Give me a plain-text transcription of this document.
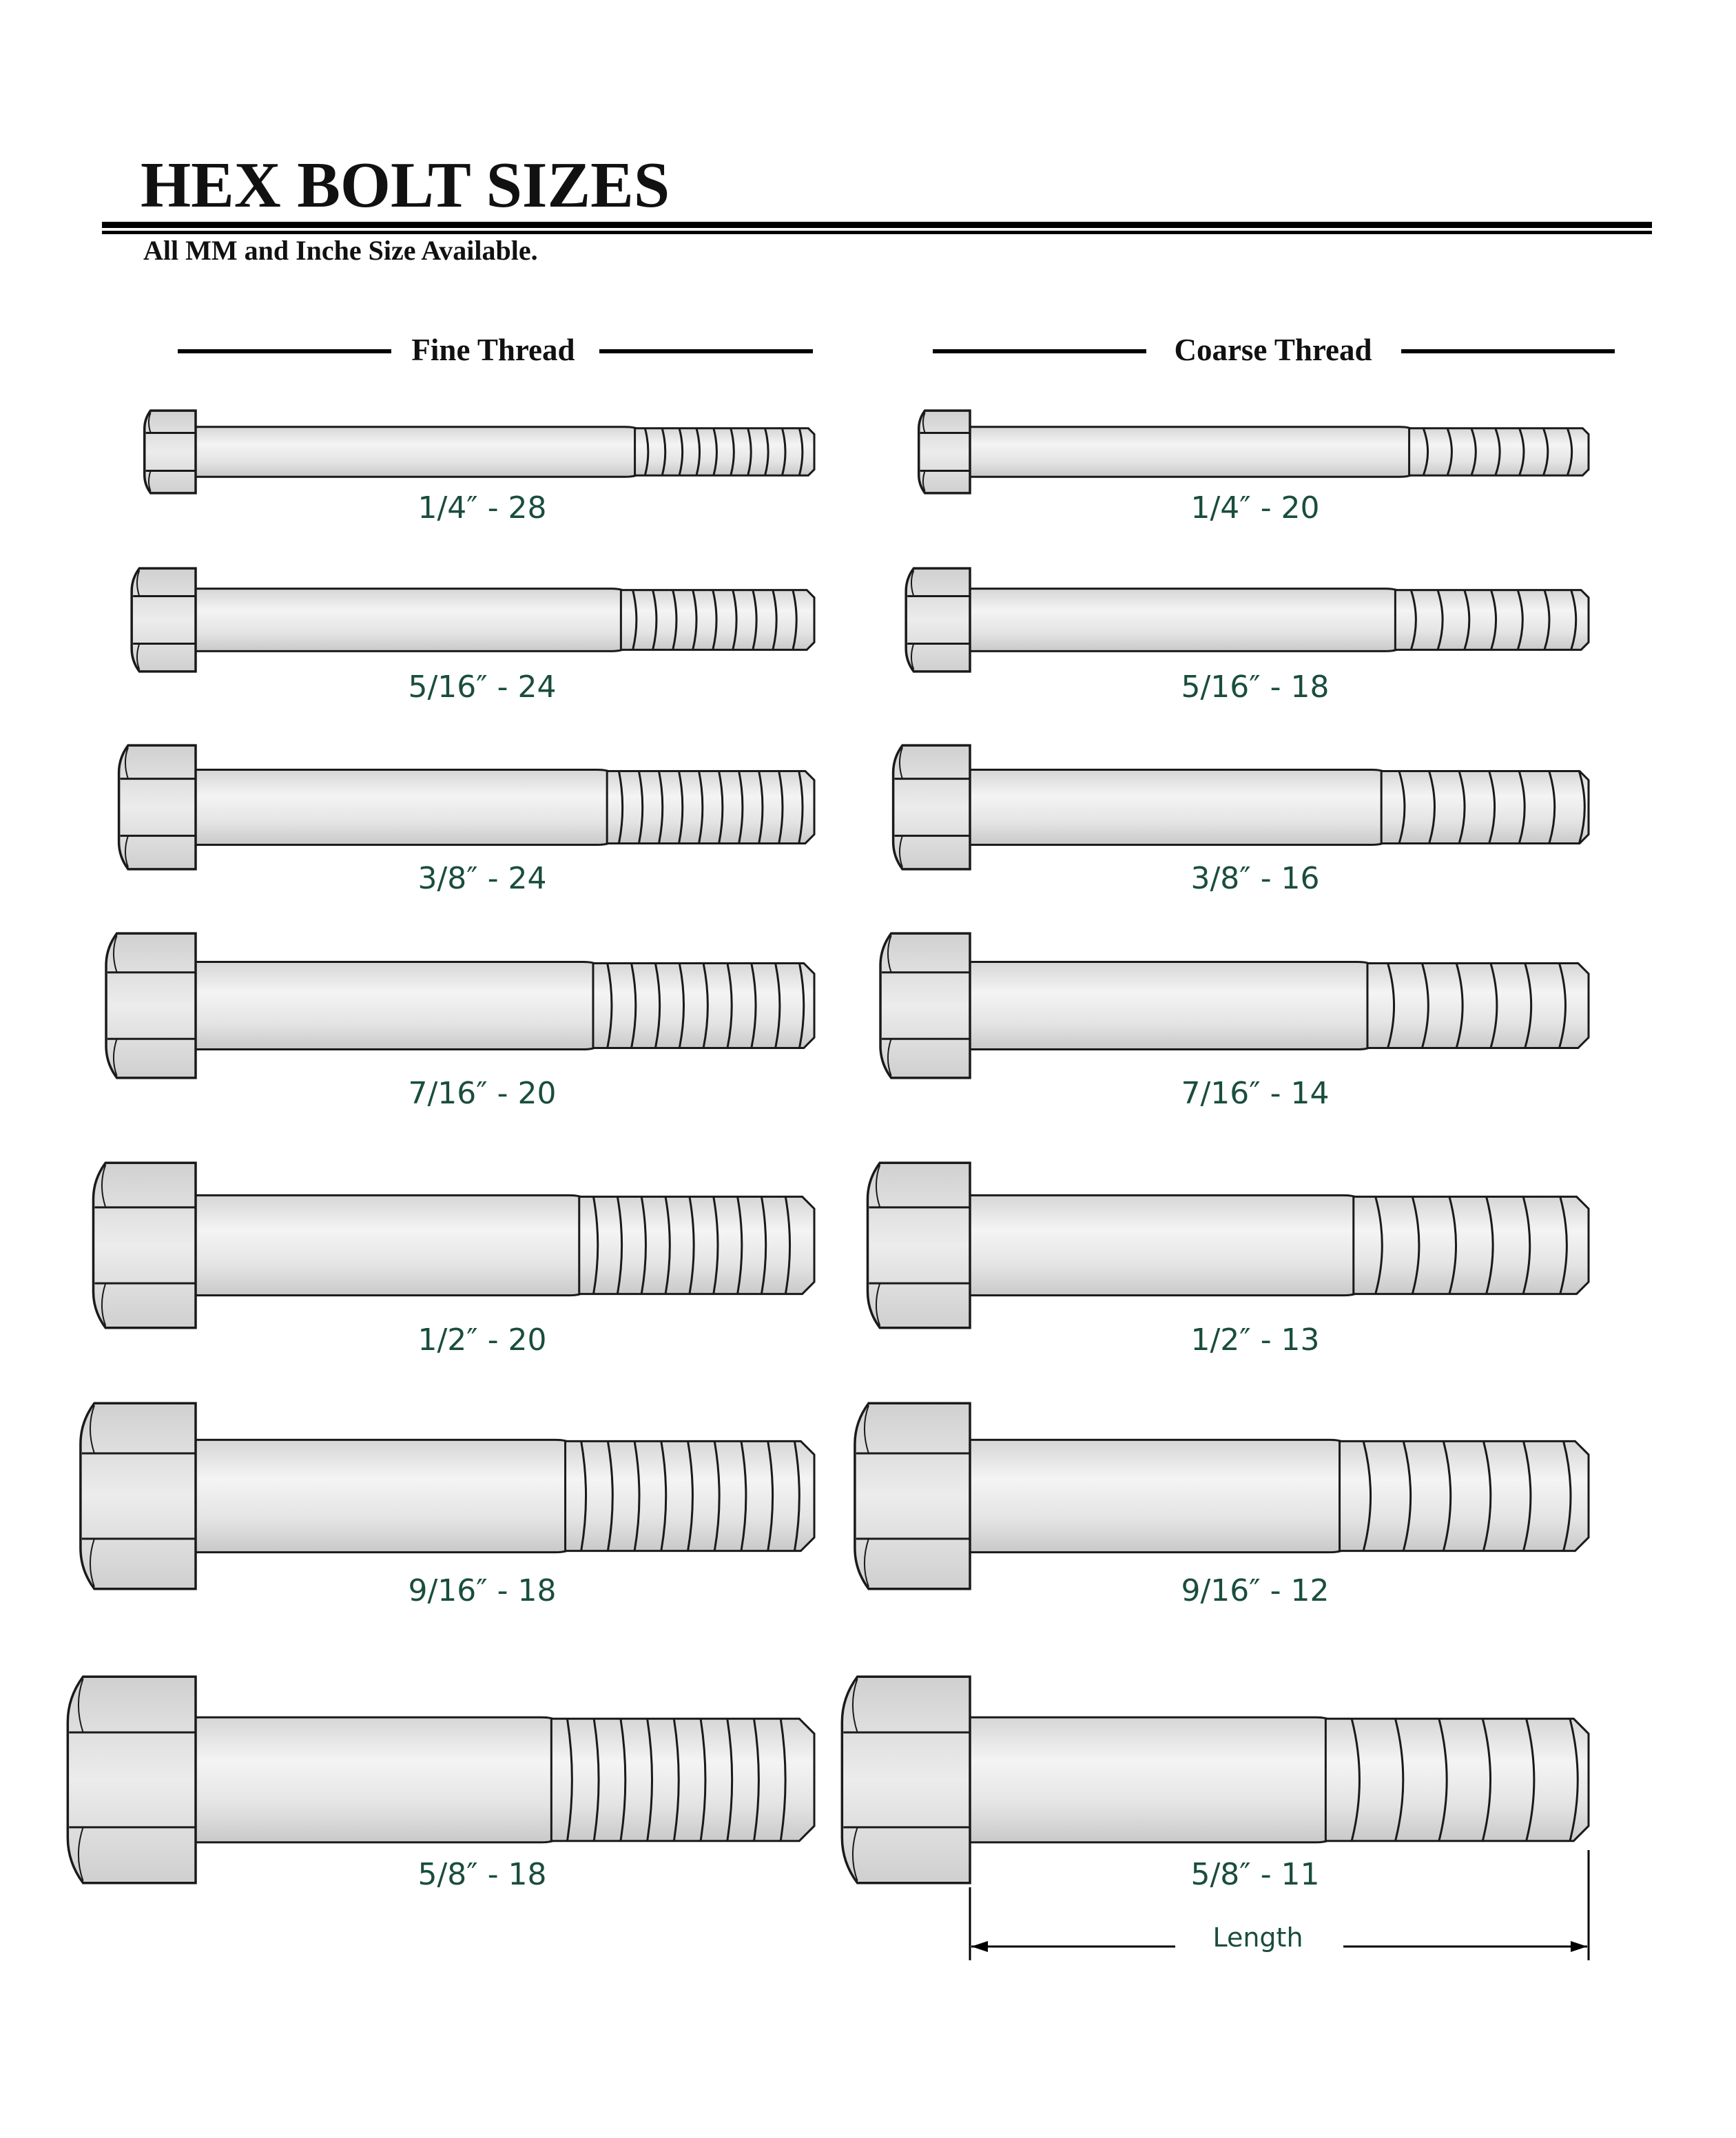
HEX BOLT SIZES
All MM and Inche Size Available.
Fine Thread	Coarse Thread
1/4″ - 28
5/16″ - 24
3/8″ - 24
7/16″ - 20
1/2″ - 20
9/16″ - 18
5/8″ - 18
1/4″ - 20
5/16″ - 18
3/8″ - 16
7/16″ - 14
1/2″ - 13
9/16″ - 12
5/8″ - 11
Length
